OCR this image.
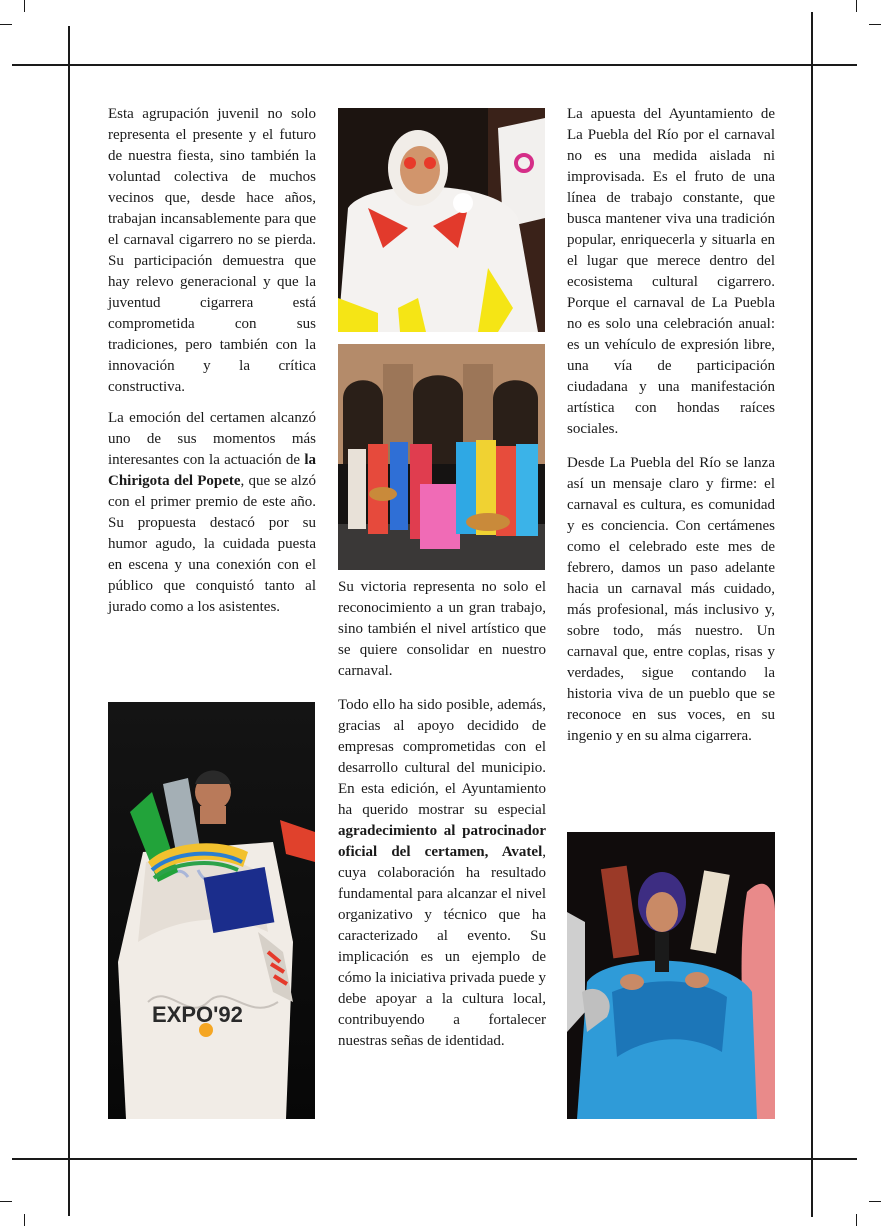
Esta agrupación juvenil no solo representa el presente y el futuro de nuestra fiesta, sino también la voluntad colectiva de muchos vecinos que, desde hace años, trabajan incansablemente para que el carnaval cigarrero no se pierda. Su participación demuestra que hay relevo generacional y que la juventud cigarrera está comprometida con sus tradiciones, pero también con la innovación y la crítica constructiva.

La emoción del certamen alcanzó uno de sus momentos más interesantes con la actuación de la Chirigota del Popete, que se alzó con el primer premio de este año. Su propuesta destacó por su humor agudo, la cuidada puesta en escena y una conexión con el público que conquistó tanto al jurado como a los asistentes.

EXPO'92

Su victoria representa no solo el reconocimiento a un gran trabajo, sino también el nivel artístico que se quiere consolidar en nuestro carnaval.

Todo ello ha sido posible, además, gracias al apoyo decidido de empresas comprometidas con el desarrollo cultural del municipio. En esta edición, el Ayuntamiento ha querido mostrar su especial agradecimiento al patrocinador oficial del certamen, Avatel, cuya colaboración ha resultado fundamental para alcanzar el nivel organizativo y técnico que ha caracterizado al evento. Su implicación es un ejemplo de cómo la iniciativa privada puede y debe apoyar a la cultura local, contribuyendo a fortalecer nuestras señas de identidad.

La apuesta del Ayuntamiento de La Puebla del Río por el carnaval no es una medida aislada ni improvisada. Es el fruto de una línea de trabajo constante, que busca mantener viva una tradición popular, enriquecerla y situarla en el lugar que merece dentro del ecosistema cultural cigarrero. Porque el carnaval de La Puebla no es solo una celebración anual: es un vehículo de expresión libre, una vía de participación ciudadana y una manifestación artística con hondas raíces sociales.

Desde La Puebla del Río se lanza así un mensaje claro y firme: el carnaval es cultura, es comunidad y es conciencia. Con certámenes como el celebrado este mes de febrero, damos un paso adelante hacia un carnaval más cuidado, más profesional, más inclusivo y, sobre todo, más nuestro. Un carnaval que, entre coplas, risas y verdades, sigue contando la historia viva de un pueblo que se reconoce en sus voces, en su ingenio y en su alma cigarrera.
